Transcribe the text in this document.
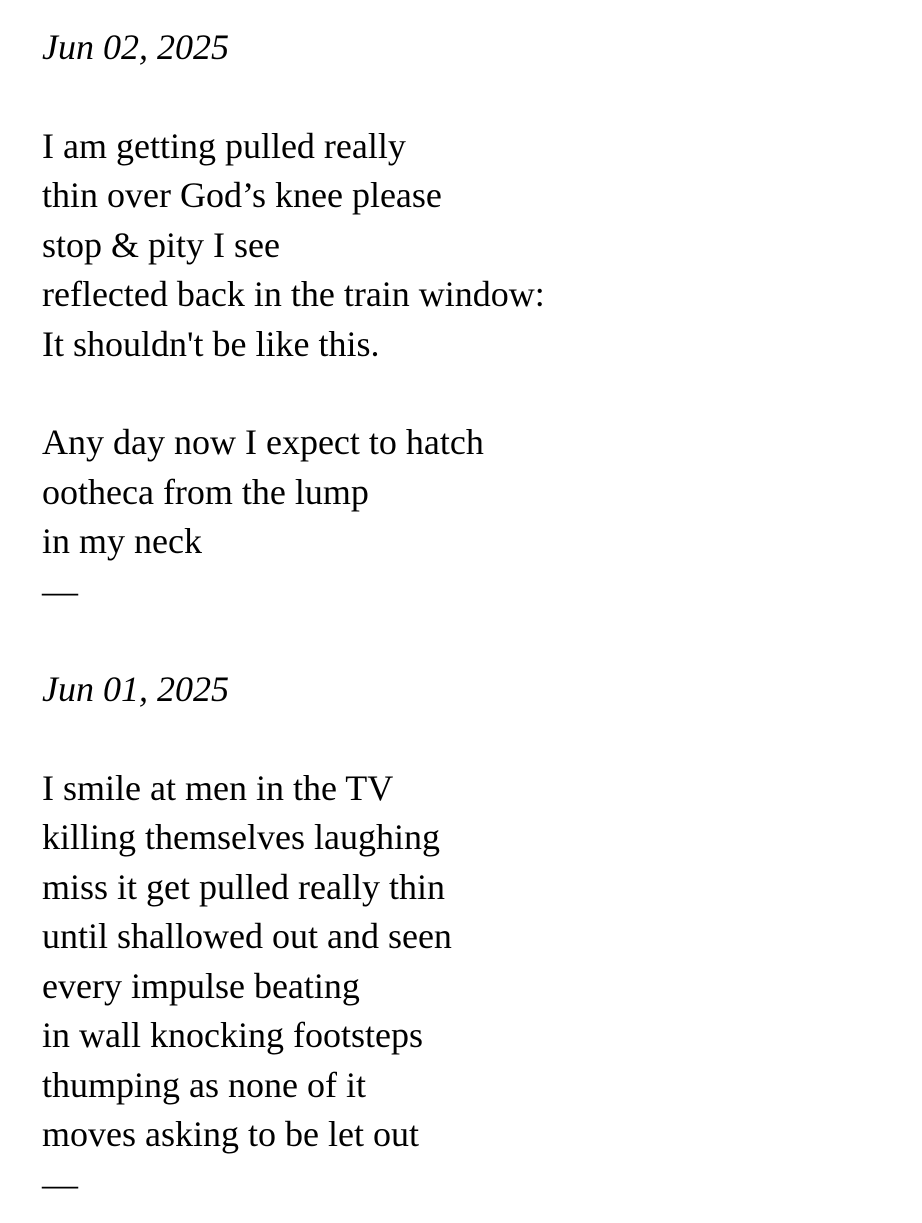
Jun 02, 2025

I am getting pulled really
thin over God’s knee please
stop & pity I see
reflected back in the train window:
It shouldn't be like this.
Any day now I expect to hatch
ootheca from the lump
in my neck
—

Jun 01, 2025

I smile at men in the TV
killing themselves laughing
miss it get pulled really thin
until shallowed out and seen
every impulse beating
in wall knocking footsteps
thumping as none of it
moves asking to be let out
—
